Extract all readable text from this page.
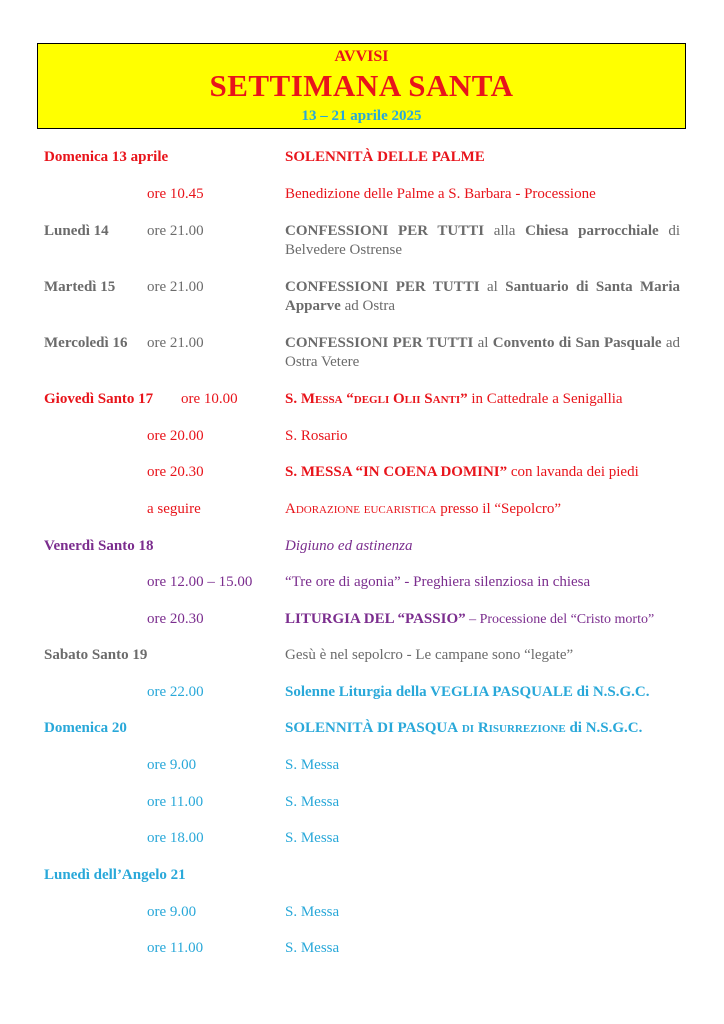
AVVISI
SETTIMANA SANTA
13 – 21 aprile 2025
Domenica 13 aprile	SOLENNITÀ DELLE PALME
ore 10.45	Benedizione delle Palme a S. Barbara - Processione
Lunedì 14	ore 21.00	CONFESSIONI PER TUTTI alla Chiesa parrocchiale di Belvedere Ostrense
Martedì 15 ore 21.00	CONFESSIONI PER TUTTI al Santuario di Santa Maria Apparve ad Ostra
Mercoledì 16 ore 21.00	CONFESSIONI PER TUTTI al Convento di San Pasquale ad Ostra Vetere
Giovedì Santo 17 ore 10.00	S. Messa “degli Olii Santi” in Cattedrale a Senigallia
ore 20.00	S. Rosario
ore 20.30	S. MESSA “IN COENA DOMINI” con lavanda dei piedi
a seguire	Adorazione eucaristica presso il “Sepolcro”
Venerdì Santo 18	Digiuno ed astinenza
ore 12.00 – 15.00 “Tre ore di agonia” - Preghiera silenziosa in chiesa
ore 20.30	LITURGIA DEL “PASSIO” – Processione del “Cristo morto”
Sabato Santo 19	Gesù è nel sepolcro - Le campane sono “legate”
ore 22.00	Solenne Liturgia della VEGLIA PASQUALE di N.S.G.C.
Domenica 20	SOLENNITÀ DI PASQUA di Risurrezione di N.S.G.C.
ore 9.00	S. Messa
ore 11.00	S. Messa
ore 18.00	S. Messa
Lunedì dell’Angelo 21
ore 9.00	S. Messa
ore 11.00	S. Messa
